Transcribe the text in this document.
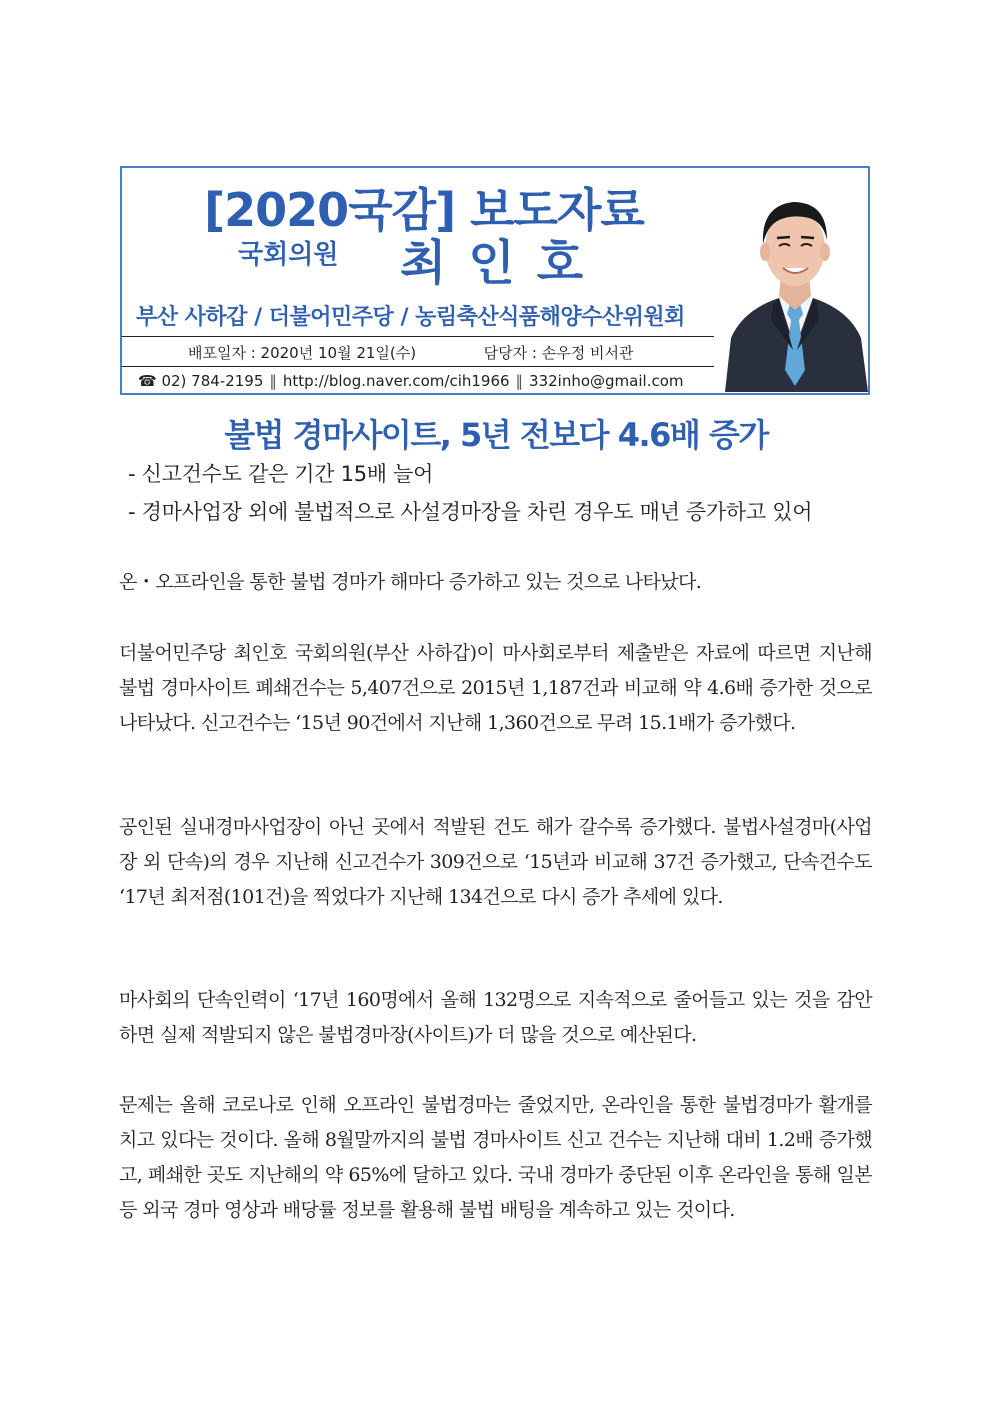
[2020국감] 보도자료
국회의원 최인호
부산 사하갑 / 더불어민주당 / 농림축산식품해양수산위원회
배포일자 : 2020년 10월 21일(수)	담당자 : 손우정 비서관
☎ 02) 784-2195 ‖ http://blog.naver.com/cih1966 ‖ 332inho@gmail.com
불법 경마사이트, 5년 전보다 4.6배 증가
- 신고건수도 같은 기간 15배 늘어
- 경마사업장 외에 불법적으로 사설경마장을 차린 경우도 매년 증가하고 있어
온・오프라인을 통한 불법 경마가 해마다 증가하고 있는 것으로 나타났다.
더불어민주당 최인호 국회의원(부산 사하갑)이 마사회로부터 제출받은 자료에 따르면 지난해 불법 경마사이트 폐쇄건수는 5,407건으로 2015년 1,187건과 비교해 약 4.6배 증가한 것으로 나타났다. 신고건수는 ‘15년 90건에서 지난해 1,360건으로 무려 15.1배가 증가했다.
공인된 실내경마사업장이 아닌 곳에서 적발된 건도 해가 갈수록 증가했다. 불법사설경마(사업장 외 단속)의 경우 지난해 신고건수가 309건으로 ‘15년과 비교해 37건 증가했고, 단속건수도 ‘17년 최저점(101건)을 찍었다가 지난해 134건으로 다시 증가 추세에 있다.
마사회의 단속인력이 ‘17년 160명에서 올해 132명으로 지속적으로 줄어들고 있는 것을 감안하면 실제 적발되지 않은 불법경마장(사이트)가 더 많을 것으로 예산된다.
문제는 올해 코로나로 인해 오프라인 불법경마는 줄었지만, 온라인을 통한 불법경마가 활개를 치고 있다는 것이다. 올해 8월말까지의 불법 경마사이트 신고 건수는 지난해 대비 1.2배 증가했고, 폐쇄한 곳도 지난해의 약 65%에 달하고 있다. 국내 경마가 중단된 이후 온라인을 통해 일본 등 외국 경마 영상과 배당률 정보를 활용해 불법 배팅을 계속하고 있는 것이다.
